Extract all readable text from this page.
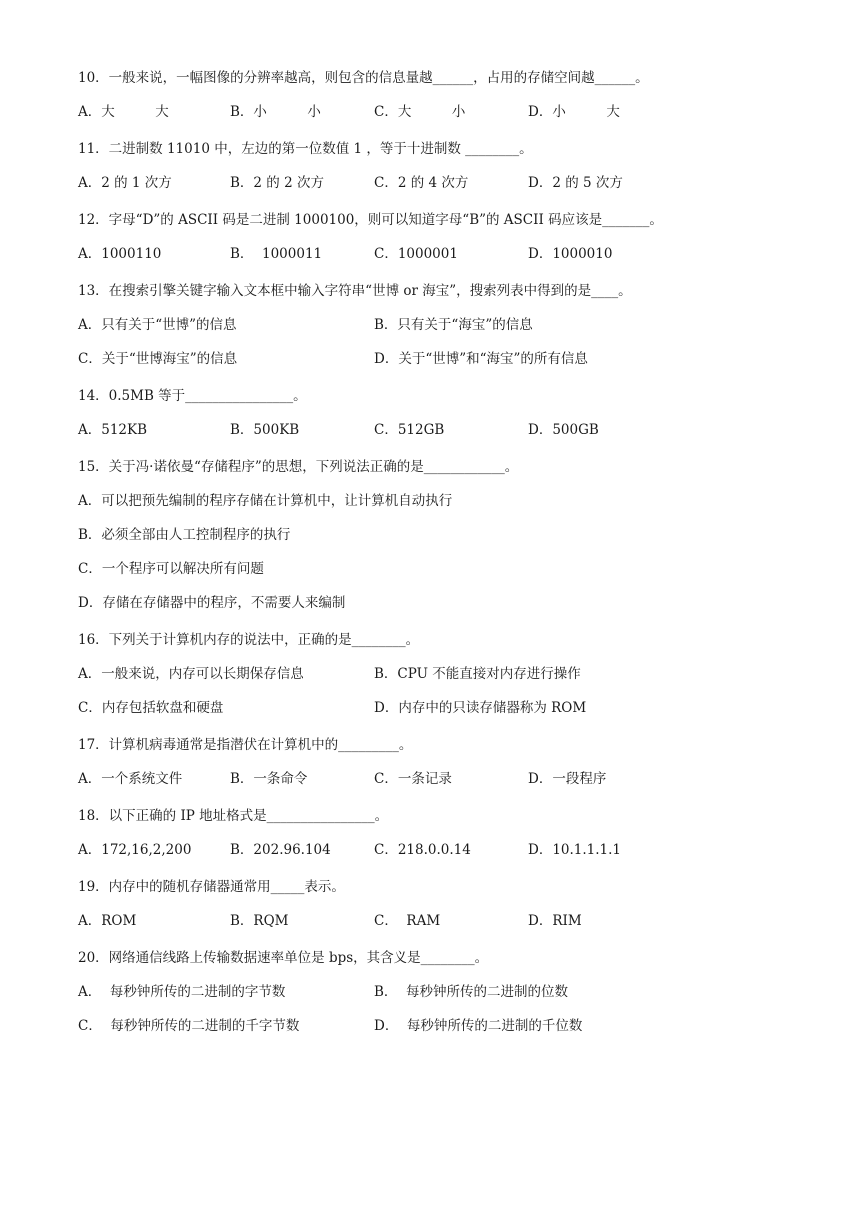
10．一般来说，一幅图像的分辨率越高，则包含的信息量越______，占用的存储空间越______。

A．大　　　大

	B．小　　　小

	C．大　　　小

	D．小　　　大

11．二进制数 11010 中，左边的第一位数值 1 ，等于十进制数 ________。

A．2 的 1 次方

	B．2 的 2 次方

	C．2 的 4 次方

	D．2 的 5 次方

12．字母“D”的 ASCII 码是二进制 1000100，则可以知道字母“B”的 ASCII 码应该是_______。

A．1000110

	B．  1000011

	C．1000001

	D．1000010

13．在搜索引擎关键字输入文本框中输入字符串“世博 or 海宝”，搜索列表中得到的是____。

A．只有关于“世博”的信息

	B．只有关于“海宝”的信息

C．关于“世博海宝”的信息

	D．关于“世博”和“海宝”的所有信息

14．0.5MB 等于________________。

A．512KB

	B．500KB

	C．512GB

	D．500GB

15．关于冯·诺依曼“存储程序”的思想，下列说法正确的是____________。

A．可以把预先编制的程序存储在计算机中，让计算机自动执行

B．必须全部由人工控制程序的执行

C．一个程序可以解决所有问题

D．存储在存储器中的程序，不需要人来编制

16．下列关于计算机内存的说法中，正确的是________。

A．一般来说，内存可以长期保存信息

	B．CPU 不能直接对内存进行操作

C．内存包括软盘和硬盘

	D．内存中的只读存储器称为 ROM

17．计算机病毒通常是指潜伏在计算机中的_________。

A．一个系统文件

	B．一条命令

	C．一条记录

	D．一段程序

18．以下正确的 IP 地址格式是________________。

A．172,16,2,200

	B．202.96.104

	C．218.0.0.14

	D．10.1.1.1.1

19．内存中的随机存储器通常用_____表示。

A．ROM

	B．RQM

	C．  RAM

	D．RIM

20．网络通信线路上传输数据速率单位是 bps，其含义是________。

A．  每秒钟所传的二进制的字节数

	B．  每秒钟所传的二进制的位数

C．  每秒钟所传的二进制的千字节数

	D．  每秒钟所传的二进制的千位数
